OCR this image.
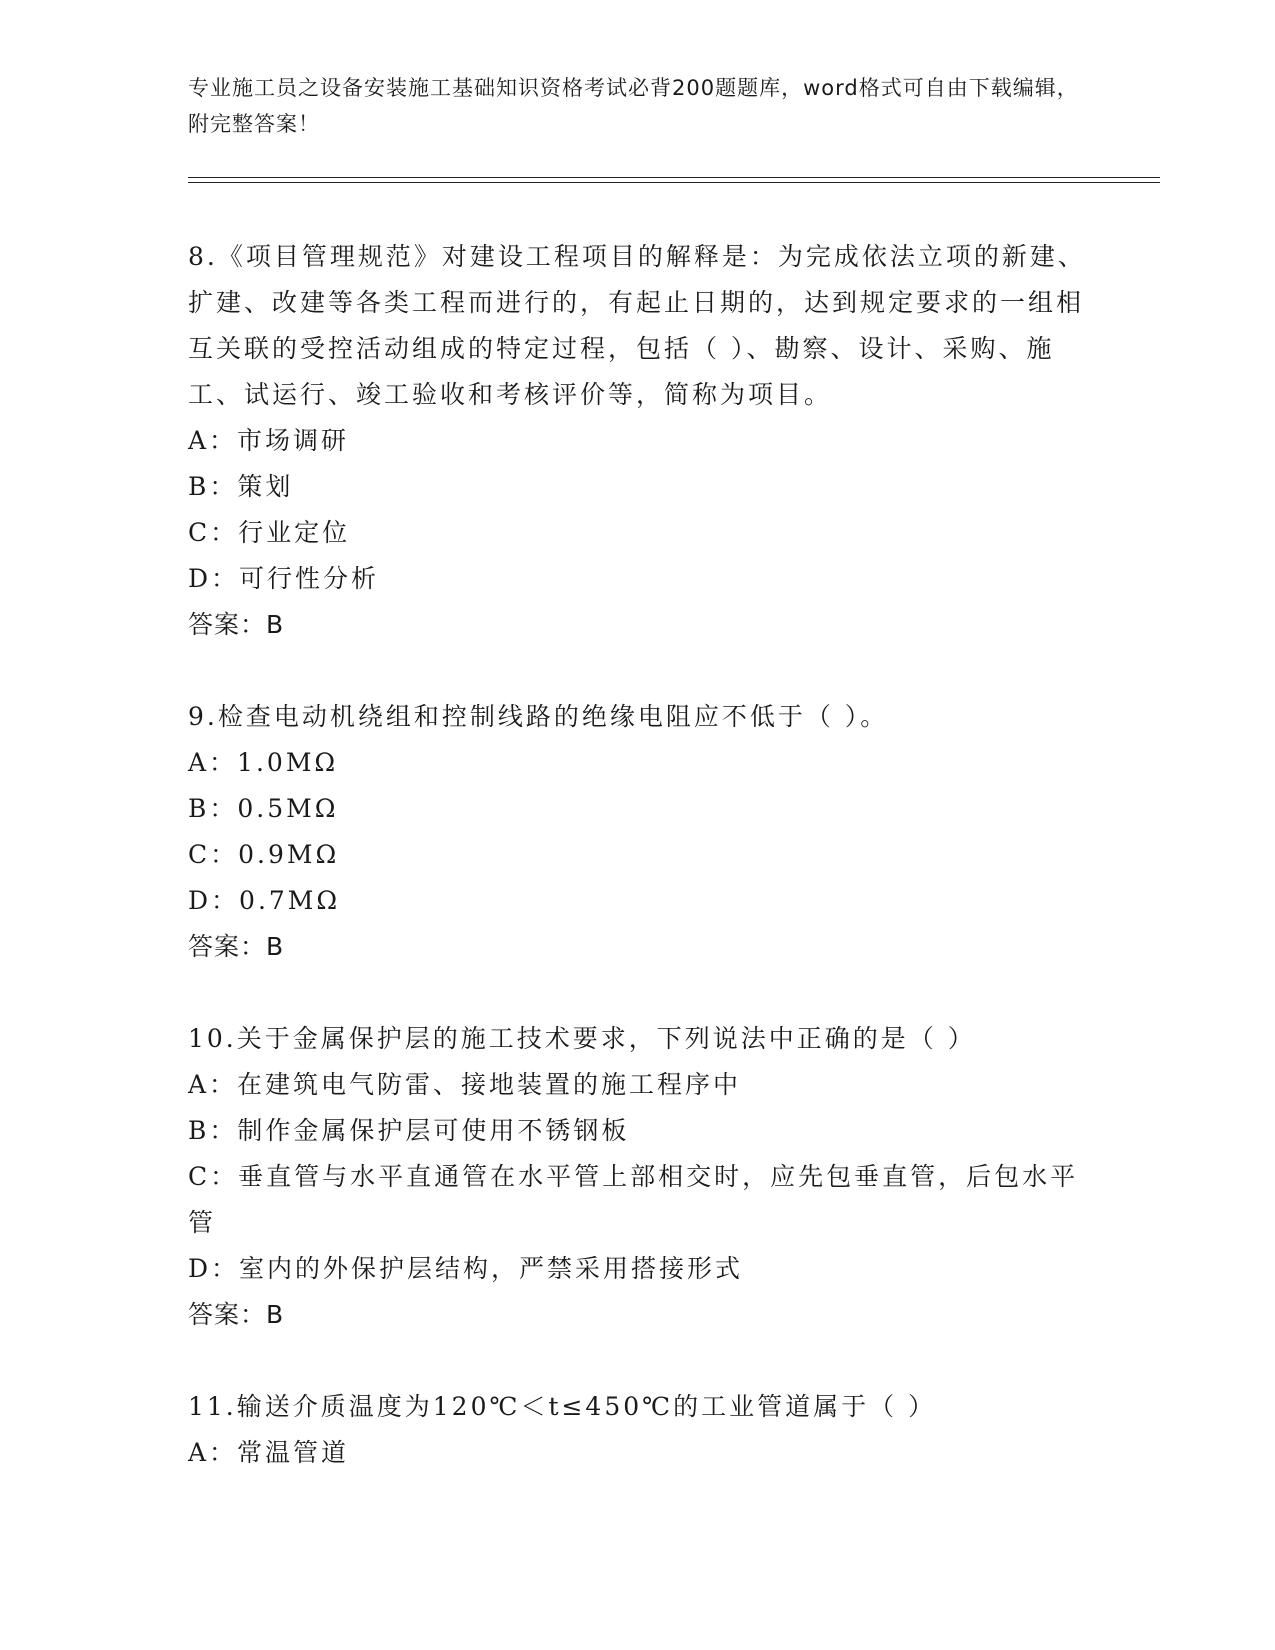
专业施工员之设备安装施工基础知识资格考试必背200题题库，word格式可自由下载编辑，附完整答案！

8.《项目管理规范》对建设工程项目的解释是：为完成依法立项的新建、扩建、改建等各类工程而进行的，有起止日期的，达到规定要求的一组相互关联的受控活动组成的特定过程，包括（ ）、勘察、设计、采购、施工、试运行、竣工验收和考核评价等，简称为项目。

A：市场调研

B：策划

C：行业定位

D：可行性分析

答案：B

9.检查电动机绕组和控制线路的绝缘电阻应不低于（ ）。

A：1.0MΩ

B：0.5MΩ

C：0.9MΩ

D：0.7MΩ

答案：B

10.关于金属保护层的施工技术要求，下列说法中正确的是（ ）

A：在建筑电气防雷、接地装置的施工程序中

B：制作金属保护层可使用不锈钢板

C：垂直管与水平直通管在水平管上部相交时，应先包垂直管，后包水平管

D：室内的外保护层结构，严禁采用搭接形式

答案：B

11.输送介质温度为120℃＜t≤450℃的工业管道属于（ ）

A：常温管道
